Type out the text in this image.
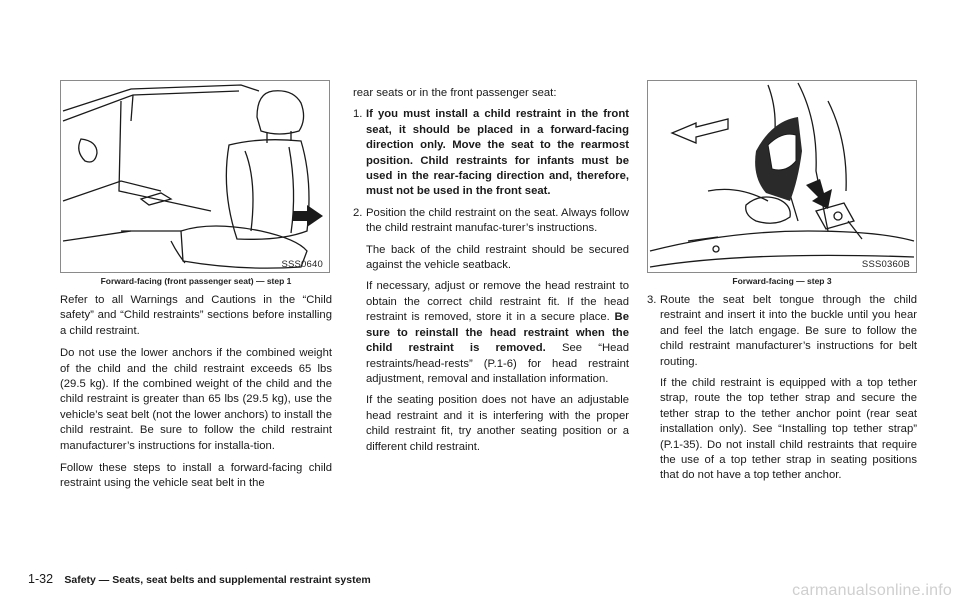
SSS0640
Forward-facing (front passenger seat) — step 1

Refer to all Warnings and Cautions in the “Child safety” and “Child restraints” sections before installing a child restraint.

Do not use the lower anchors if the combined weight of the child and the child restraint exceeds 65 lbs (29.5 kg). If the combined weight of the child and the child restraint is greater than 65 lbs (29.5 kg), use the vehicle’s seat belt (not the lower anchors) to install the child restraint. Be sure to follow the child restraint manufacturer’s instructions for installa-tion.

Follow these steps to install a forward-facing child restraint using the vehicle seat belt in the

rear seats or in the front passenger seat:

1. If you must install a child restraint in the front seat, it should be placed in a forward-facing direction only. Move the seat to the rearmost position. Child restraints for infants must be used in the rear-facing direction and, therefore, must not be used in the front seat.

2. Position the child restraint on the seat. Always follow the child restraint manufac-turer’s instructions.

The back of the child restraint should be secured against the vehicle seatback.

If necessary, adjust or remove the head restraint to obtain the correct child restraint fit. If the head restraint is removed, store it in a secure place. Be sure to reinstall the head restraint when the child restraint is removed. See “Head restraints/head-rests” (P.1-6) for head restraint adjustment, removal and installation information.

If the seating position does not have an adjustable head restraint and it is interfering with the proper child restraint fit, try another seating position or a different child restraint.

SSS0360B
Forward-facing — step 3
3. Route the seat belt tongue through the child restraint and insert it into the buckle until you hear and feel the latch engage. Be sure to follow the child restraint manufacturer’s instructions for belt routing.

If the child restraint is equipped with a top tether strap, route the top tether strap and secure the tether strap to the tether anchor point (rear seat installation only). See “Installing top tether strap” (P.1-35). Do not install child restraints that require the use of a top tether strap in seating positions that do not have a top tether anchor.

1-32 Safety — Seats, seat belts and supplemental restraint system
carmanualsonline.info
